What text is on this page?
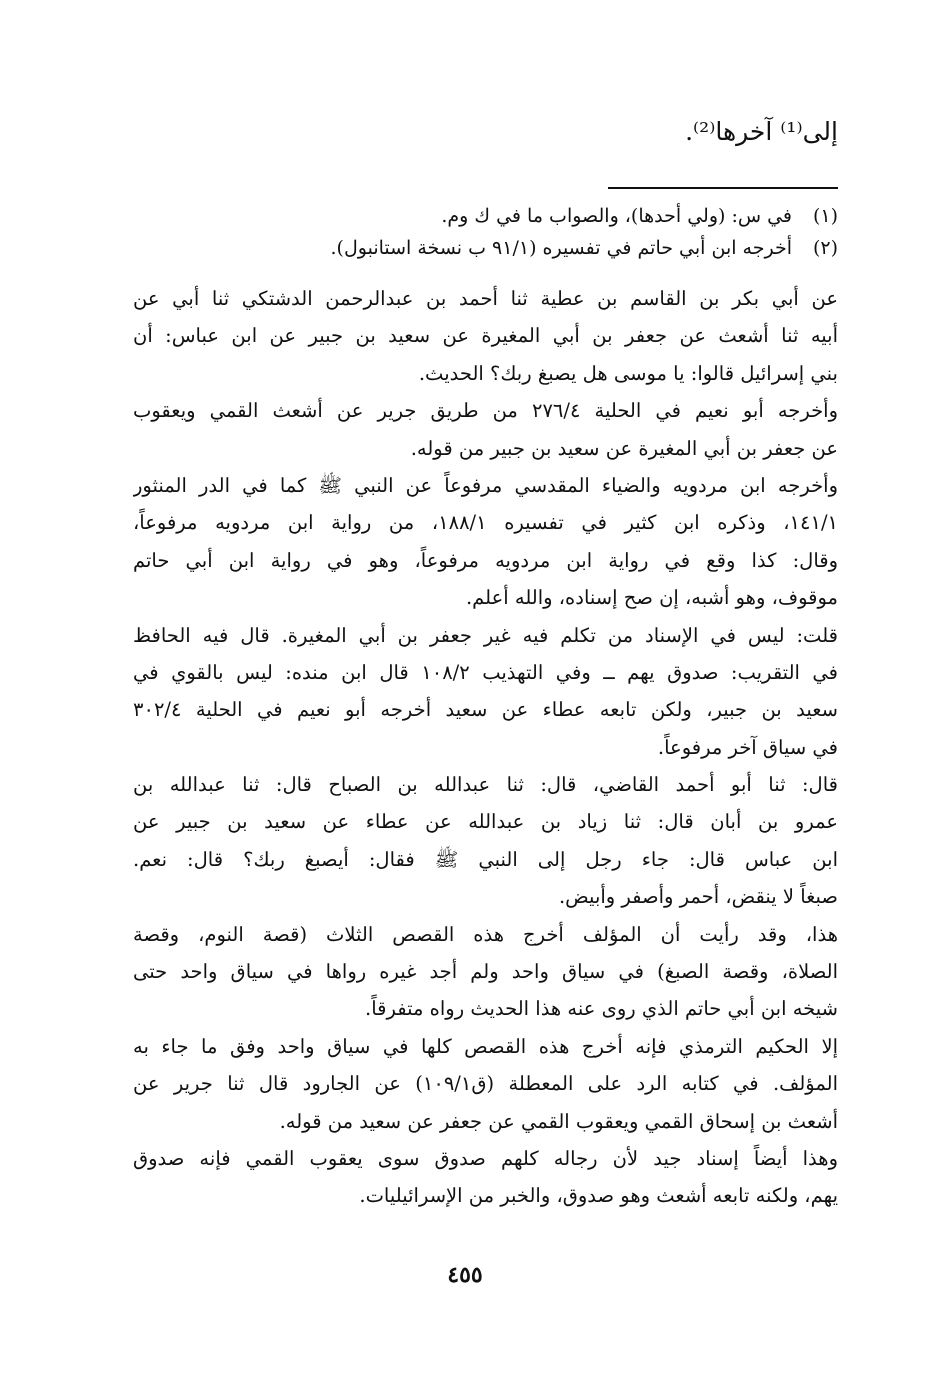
إلى⁽¹⁾ آخرها⁽²⁾.
(١)
في س: (ولي أحدها)، والصواب ما في ك وم.
(٢)
أخرجه ابن أبي حاتم في تفسيره (٩١/١ ب نسخة استانبول).
عن أبي بكر بن القاسم بن عطية ثنا أحمد بن عبدالرحمن الدشتكي ثنا أبي عن
أبيه ثنا أشعث عن جعفر بن أبي المغيرة عن سعيد بن جبير عن ابن عباس: أن
بني إسرائيل قالوا: يا موسى هل يصبغ ربك؟ الحديث.
وأخرجه أبو نعيم في الحلية ٢٧٦/٤ من طريق جرير عن أشعث القمي ويعقوب
عن جعفر بن أبي المغيرة عن سعيد بن جبير من قوله.
وأخرجه ابن مردويه والضياء المقدسي مرفوعاً عن النبي ﷺ كما في الدر المنثور
١٤١/١، وذكره ابن كثير في تفسيره ١٨٨/١، من رواية ابن مردويه مرفوعاً،
وقال: كذا وقع في رواية ابن مردويه مرفوعاً، وهو في رواية ابن أبي حاتم
موقوف، وهو أشبه، إن صح إسناده، والله أعلم.
قلت: ليس في الإسناد من تكلم فيه غير جعفر بن أبي المغيرة. قال فيه الحافظ
في التقريب: صدوق يهم ــ وفي التهذيب ١٠٨/٢ قال ابن منده: ليس بالقوي في
سعيد بن جبير، ولكن تابعه عطاء عن سعيد أخرجه أبو نعيم في الحلية ٣٠٢/٤
في سياق آخر مرفوعاً.
قال: ثنا أبو أحمد القاضي، قال: ثنا عبدالله بن الصباح قال: ثنا عبدالله بن
عمرو بن أبان قال: ثنا زياد بن عبدالله عن عطاء عن سعيد بن جبير عن
ابن عباس قال: جاء رجل إلى النبي ﷺ فقال: أيصبغ ربك؟ قال: نعم.
صبغاً لا ينقض، أحمر وأصفر وأبيض.
هذا، وقد رأيت أن المؤلف أخرج هذه القصص الثلاث (قصة النوم، وقصة
الصلاة، وقصة الصبغ) في سياق واحد ولم أجد غيره رواها في سياق واحد حتى
شيخه ابن أبي حاتم الذي روى عنه هذا الحديث رواه متفرقاً.
إلا الحكيم الترمذي فإنه أخرج هذه القصص كلها في سياق واحد وفق ما جاء به
المؤلف. في كتابه الرد على المعطلة (ق١٠٩/١) عن الجارود قال ثنا جرير عن
أشعث بن إسحاق القمي ويعقوب القمي عن جعفر عن سعيد من قوله.
وهذا أيضاً إسناد جيد لأن رجاله كلهم صدوق سوى يعقوب القمي فإنه صدوق
يهم، ولكنه تابعه أشعث وهو صدوق، والخبر من الإسرائيليات.
٤٥٥
